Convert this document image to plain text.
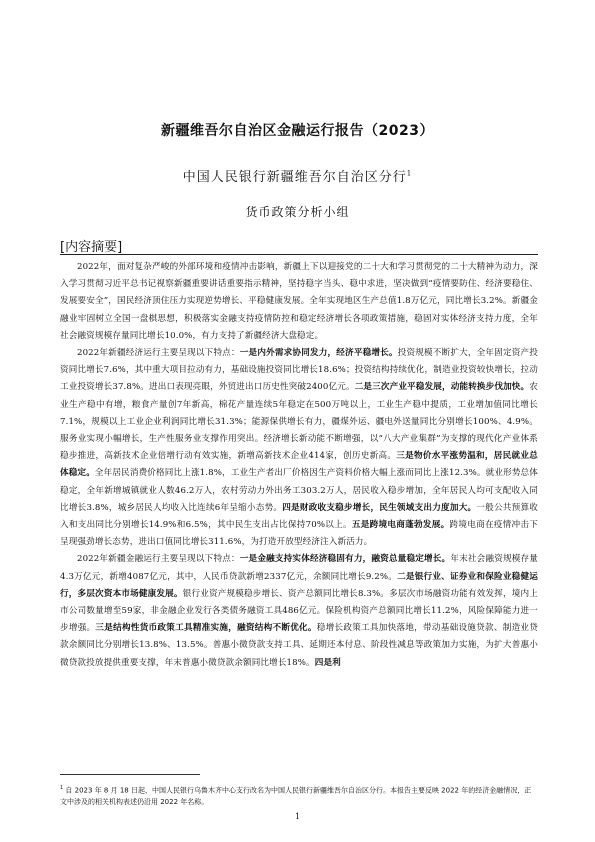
新疆维吾尔自治区金融运行报告（2023）
中国人民银行新疆维吾尔自治区分行$^1$
货币政策分析小组
[内容摘要]

2022年，面对复杂严峻的外部环境和疫情冲击影响，新疆上下以迎接党的二十大和学习贯彻党的二十大精神为动力，深入学习贯彻习近平总书记视察新疆重要讲话重要指示精神，坚持稳字当头、稳中求进，坚决做到“疫情要防住、经济要稳住、发展要安全”，国民经济顶住压力实现逆势增长、平稳健康发展。全年实现地区生产总值1.8万亿元，同比增长3.2%。新疆金融业牢固树立全国一盘棋思想，积极落实金融支持疫情防控和稳定经济增长各项政策措施，稳固对实体经济支持力度，全年社会融资规模存量同比增长10.0%，有力支持了新疆经济大盘稳定。

2022年新疆经济运行主要呈现以下特点：一是内外需求协同发力，经济平稳增长。投资规模不断扩大，全年固定资产投资同比增长7.6%，其中重大项目拉动有力，基础设施投资同比增长18.6%；投资结构持续优化，制造业投资较快增长，拉动工业投资增长37.8%。进出口表现亮眼，外贸进出口历史性突破2400亿元。二是三次产业平稳发展，动能转换步伐加快。农业生产稳中有增，粮食产量创7年新高，棉花产量连续5年稳定在500万吨以上，工业生产稳中提质，工业增加值同比增长7.1%，规模以上工业企业利润同比增长31.3%；能源保供增长有力，疆煤外运、疆电外送量同比分别增长100%、4.9%。服务业实现小幅增长，生产性服务业支撑作用突出。经济增长新动能不断增强，以“八大产业集群”为支撑的现代化产业体系稳步推进，高新技术企业倍增行动有效实施，新增高新技术企业414家，创历史新高。三是物价水平涨势温和，居民就业总体稳定。全年居民消费价格同比上涨1.8%，工业生产者出厂价格因生产资料价格大幅上涨而同比上涨12.3%。就业形势总体稳定，全年新增城镇就业人数46.2万人，农村劳动力外出务工303.2万人，居民收入稳步增加，全年居民人均可支配收入同比增长3.8%，城乡居民人均收入比连续6年呈缩小态势。四是财政收支稳步增长，民生领域支出力度加大。一般公共预算收入和支出同比分别增长14.9%和6.5%，其中民生支出占比保持70%以上。五是跨境电商蓬勃发展。跨境电商在疫情冲击下呈现强劲增长态势，进出口值同比增长311.6%，为打造开放型经济注入新活力。

2022年新疆金融运行主要呈现以下特点：一是金融支持实体经济稳固有力，融资总量稳定增长。年末社会融资规模存量4.3万亿元，新增4087亿元，其中，人民币贷款新增2337亿元，余额同比增长9.2%。二是银行业、证券业和保险业稳健运行，多层次资本市场健康发展。银行业资产规模稳步增长、资产总额同比增长8.3%。多层次市场融资功能有效发挥，境内上市公司数量增至59家，非金融企业发行各类债务融资工具486亿元。保险机构资产总额同比增长11.2%，风险保障能力进一步增强。三是结构性货币政策工具精准实施，融资结构不断优化。稳增长政策工具加快落地，带动基础设施贷款、制造业贷款余额同比分别增长13.8%、13.5%。普惠小微贷款支持工具、延期还本付息、阶段性减息等政策加力实施，为扩大普惠小微贷款投放提供重要支撑，年末普惠小微贷款余额同比增长18%。四是利

$^1$ 自 2023 年 8 月 18 日起，中国人民银行乌鲁木齐中心支行改名为中国人民银行新疆维吾尔自治区分行。本报告主要反映 2022 年的经济金融情况，正文中涉及的相关机构表述仍沿用 2022 年名称。
1
